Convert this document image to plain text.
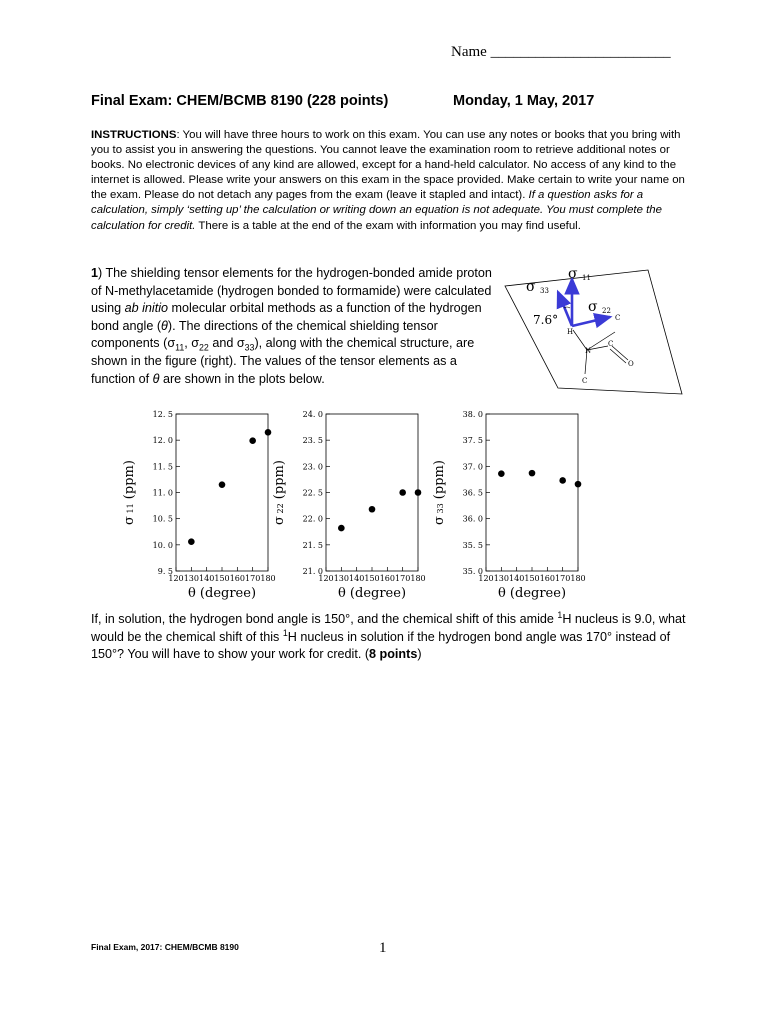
Name ________________________
Final Exam: CHEM/BCMB 8190 (228 points)	Monday, 1 May, 2017
INSTRUCTIONS: You will have three hours to work on this exam. You can use any notes or books that you bring with you to assist you in answering the questions. You cannot leave the examination room to retrieve additional notes or books. No electronic devices of any kind are allowed, except for a hand-held calculator. No access of any kind to the internet is allowed. Please write your answers on this exam in the space provided. Make certain to write your name on the exam. Please do not detach any pages from the exam (leave it stapled and intact). If a question asks for a calculation, simply ‘setting up’ the calculation or writing down an equation is not adequate. You must complete the calculation for credit. There is a table at the end of the exam with information you may find useful.
1) The shielding tensor elements for the hydrogen-bonded amide proton of N-methylacetamide (hydrogen bonded to formamide) were calculated using ab initio molecular orbital methods as a function of the hydrogen bond angle (θ). The directions of the chemical shielding tensor components ($\sigma_{11}$, $\sigma_{22}$ and $\sigma_{33}$), along with the chemical structure, are shown in the figure (right). The values of the tensor elements as a function of θ are shown in the plots below.
σ 11
σ 33
σ 22
7.6°
H
N
C
C
O
C
9. 5
10. 0
10. 5
11. 0
11. 5
12. 0
12. 5
120 130 140 150 160 170 180
θ (degree)
σ 11 (ppm)
21. 0
21. 5
22. 0
22. 5
23. 0
23. 5
24. 0
120 130 140 150 160 170 180
θ (degree)
σ 22 (ppm)
35. 0
35. 5
36. 0
36. 5
37. 0
37. 5
38. 0
120 130 140 150 160 170 180
θ (degree)
σ 33 (ppm)
If, in solution, the hydrogen bond angle is 150°, and the chemical shift of this amide $^1$H nucleus is 9.0, what would be the chemical shift of this $^1$H nucleus in solution if the hydrogen bond angle was 170° instead of 150°? You will have to show your work for credit. (8 points)
Final Exam, 2017: CHEM/BCMB 8190	1
